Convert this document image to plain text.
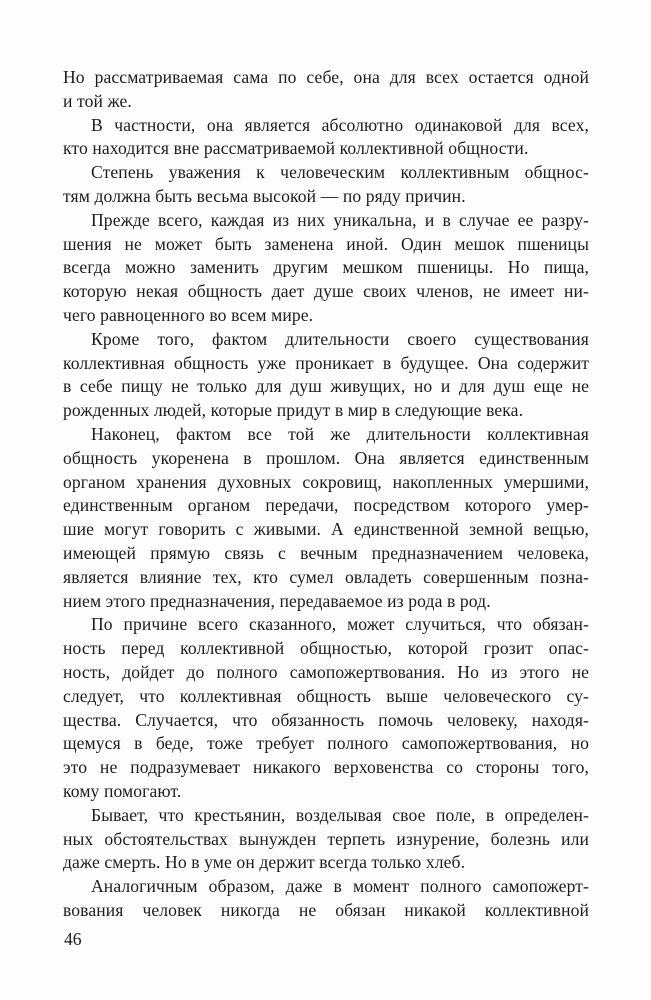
Но рассматриваемая сама по себе, она для всех остается одной
и той же.
В частности, она является абсолютно одинаковой для всех,
кто находится вне рассматриваемой коллективной общности.
Степень уважения к человеческим коллективным общнос-
тям должна быть весьма высокой — по ряду причин.
Прежде всего, каждая из них уникальна, и в случае ее разру-
шения не может быть заменена иной. Один мешок пшеницы
всегда можно заменить другим мешком пшеницы. Но пища,
которую некая общность дает душе своих членов, не имеет ни-
чего равноценного во всем мире.
Кроме того, фактом длительности своего существования
коллективная общность уже проникает в будущее. Она содержит
в себе пищу не только для душ живущих, но и для душ еще не
рожденных людей, которые придут в мир в следующие века.
Наконец, фактом все той же длительности коллективная
общность укоренена в прошлом. Она является единственным
органом хранения духовных сокровищ, накопленных умершими,
единственным органом передачи, посредством которого умер-
шие могут говорить с живыми. А единственной земной вещью,
имеющей прямую связь с вечным предназначением человека,
является влияние тех, кто сумел овладеть совершенным позна-
нием этого предназначения, передаваемое из рода в род.
По причине всего сказанного, может случиться, что обязан-
ность перед коллективной общностью, которой грозит опас-
ность, дойдет до полного самопожертвования. Но из этого не
следует, что коллективная общность выше человеческого су-
щества. Случается, что обязанность помочь человеку, находя-
щемуся в беде, тоже требует полного самопожертвования, но
это не подразумевает никакого верховенства со стороны того,
кому помогают.
Бывает, что крестьянин, возделывая свое поле, в определен-
ных обстоятельствах вынужден терпеть изнурение, болезнь или
даже смерть. Но в уме он держит всегда только хлеб.
Аналогичным образом, даже в момент полного самопожерт-
вования человек никогда не обязан никакой коллективной
46
